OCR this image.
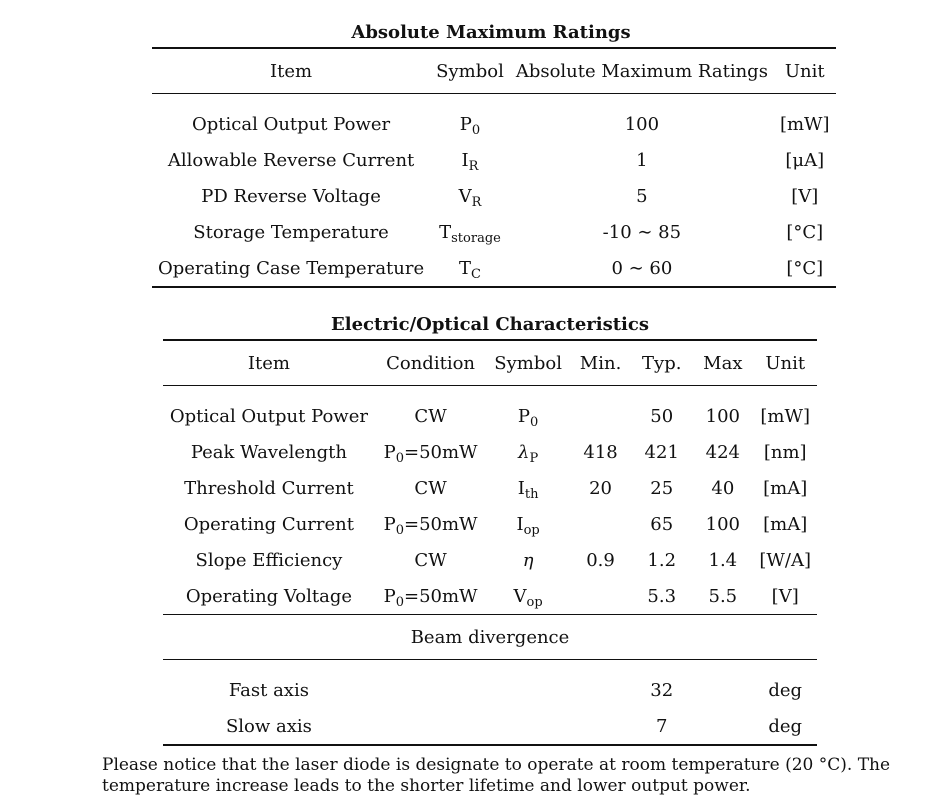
Absolute Maximum Ratings
Item	Symbol	Absolute Maximum Ratings	Unit
Optical Output Power	$P_0$	100	[mW]
Allowable Reverse Current	$I_R$	1	[μA]
PD Reverse Voltage	$V_R$	5	[V]
Storage Temperature	$T_{storage}$	-10 ∼ 85	[°C]
Operating Case Temperature	$T_C$	0 ∼ 60	[°C]
Electric/Optical Characteristics
Item	Condition	Symbol	Min.	Typ.	Max	Unit
Optical Output Power	CW	$P_0$		50	100	[mW]
Peak Wavelength	$P_0=50mW$	$\lambda_P$	418	421	424	[nm]
Threshold Current	CW	$I_{th}$	20	25	40	[mA]
Operating Current	$P_0=50mW$	$I_{op}$		65	100	[mA]
Slope Efficiency	CW	η	0.9	1.2	1.4	[W/A]
Operating Voltage	$P_0=50mW$	$V_{op}$		5.3	5.5	[V]
Beam divergence						
Fast axis				32		deg
Slow axis				7		deg

Please notice that the laser diode is designate to operate at room temperature (20 °C). The temperature increase leads to the shorter lifetime and lower output power.
